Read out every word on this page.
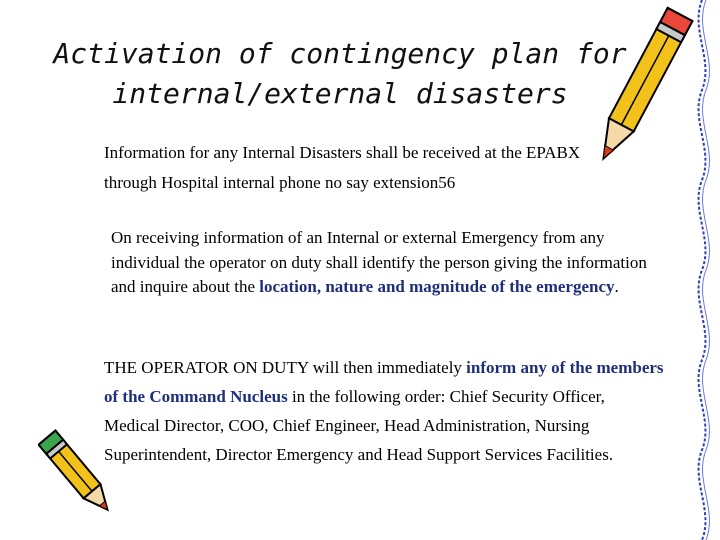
Activation of contingency plan for internal/external disasters
Information for any Internal Disasters shall be received at the EPABX through Hospital internal phone no say extension56
On receiving information of an Internal or external Emergency from any individual the operator on duty shall identify the person giving the information and inquire about the location, nature and magnitude of the emergency.
THE OPERATOR ON DUTY will then immediately inform any of the members of the Command Nucleus in the following order: Chief Security Officer, Medical Director, COO, Chief Engineer, Head Administration, Nursing Superintendent, Director Emergency and Head Support Services Facilities.
